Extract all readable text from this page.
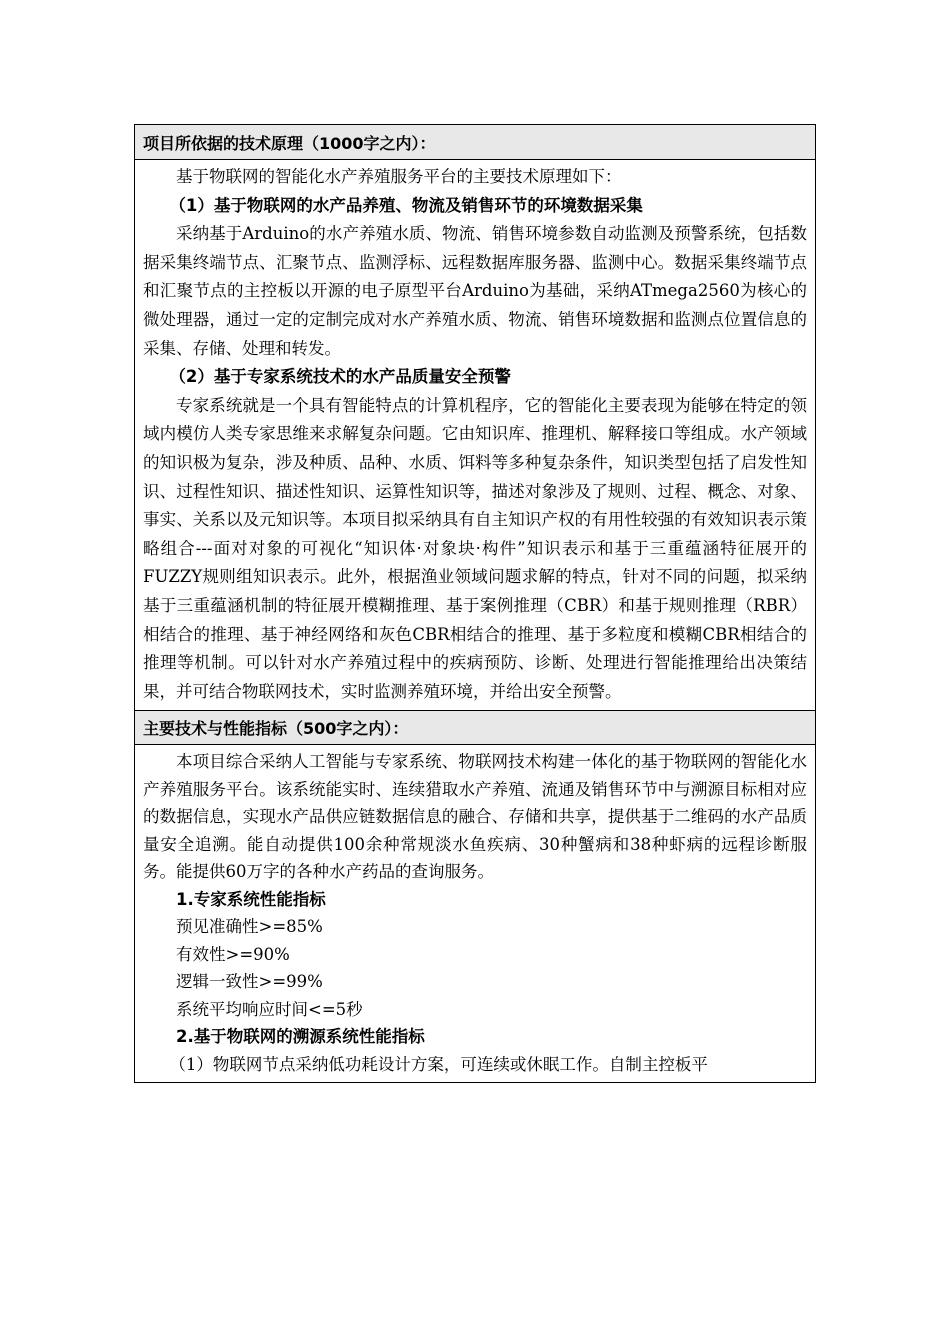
项目所依据的技术原理（1000字之内）：

基于物联网的智能化水产养殖服务平台的主要技术原理如下：

（1）基于物联网的水产品养殖、物流及销售环节的环境数据采集

采纳基于Arduino的水产养殖水质、物流、销售环境参数自动监测及预警系统，包括数据采集终端节点、汇聚节点、监测浮标、远程数据库服务器、监测中心。数据采集终端节点和汇聚节点的主控板以开源的电子原型平台Arduino为基础，采纳ATmega2560为核心的微处理器，通过一定的定制完成对水产养殖水质、物流、销售环境数据和监测点位置信息的采集、存储、处理和转发。

（2）基于专家系统技术的水产品质量安全预警

专家系统就是一个具有智能特点的计算机程序，它的智能化主要表现为能够在特定的领域内模仿人类专家思维来求解复杂问题。它由知识库、推理机、解释接口等组成。水产领域的知识极为复杂，涉及种质、品种、水质、饵料等多种复杂条件，知识类型包括了启发性知识、过程性知识、描述性知识、运算性知识等，描述对象涉及了规则、过程、概念、对象、事实、关系以及元知识等。本项目拟采纳具有自主知识产权的有用性较强的有效知识表示策略组合---面对对象的可视化“知识体·对象块·构件”知识表示和基于三重蕴涵特征展开的FUZZY规则组知识表示。此外，根据渔业领域问题求解的特点，针对不同的问题，拟采纳基于三重蕴涵机制的特征展开模糊推理、基于案例推理（CBR）和基于规则推理（RBR）相结合的推理、基于神经网络和灰色CBR相结合的推理、基于多粒度和模糊CBR相结合的推理等机制。可以针对水产养殖过程中的疾病预防、诊断、处理进行智能推理给出决策结果，并可结合物联网技术，实时监测养殖环境，并给出安全预警。

主要技术与性能指标（500字之内）：

本项目综合采纳人工智能与专家系统、物联网技术构建一体化的基于物联网的智能化水产养殖服务平台。该系统能实时、连续猎取水产养殖、流通及销售环节中与溯源目标相对应的数据信息，实现水产品供应链数据信息的融合、存储和共享，提供基于二维码的水产品质量安全追溯。能自动提供100余种常规淡水鱼疾病、30种蟹病和38种虾病的远程诊断服务。能提供60万字的各种水产药品的查询服务。

1.专家系统性能指标

预见准确性>=85%

有效性>=90%

逻辑一致性>=99%

系统平均响应时间<=5秒

2.基于物联网的溯源系统性能指标

（1）物联网节点采纳低功耗设计方案，可连续或休眠工作。自制主控板平
